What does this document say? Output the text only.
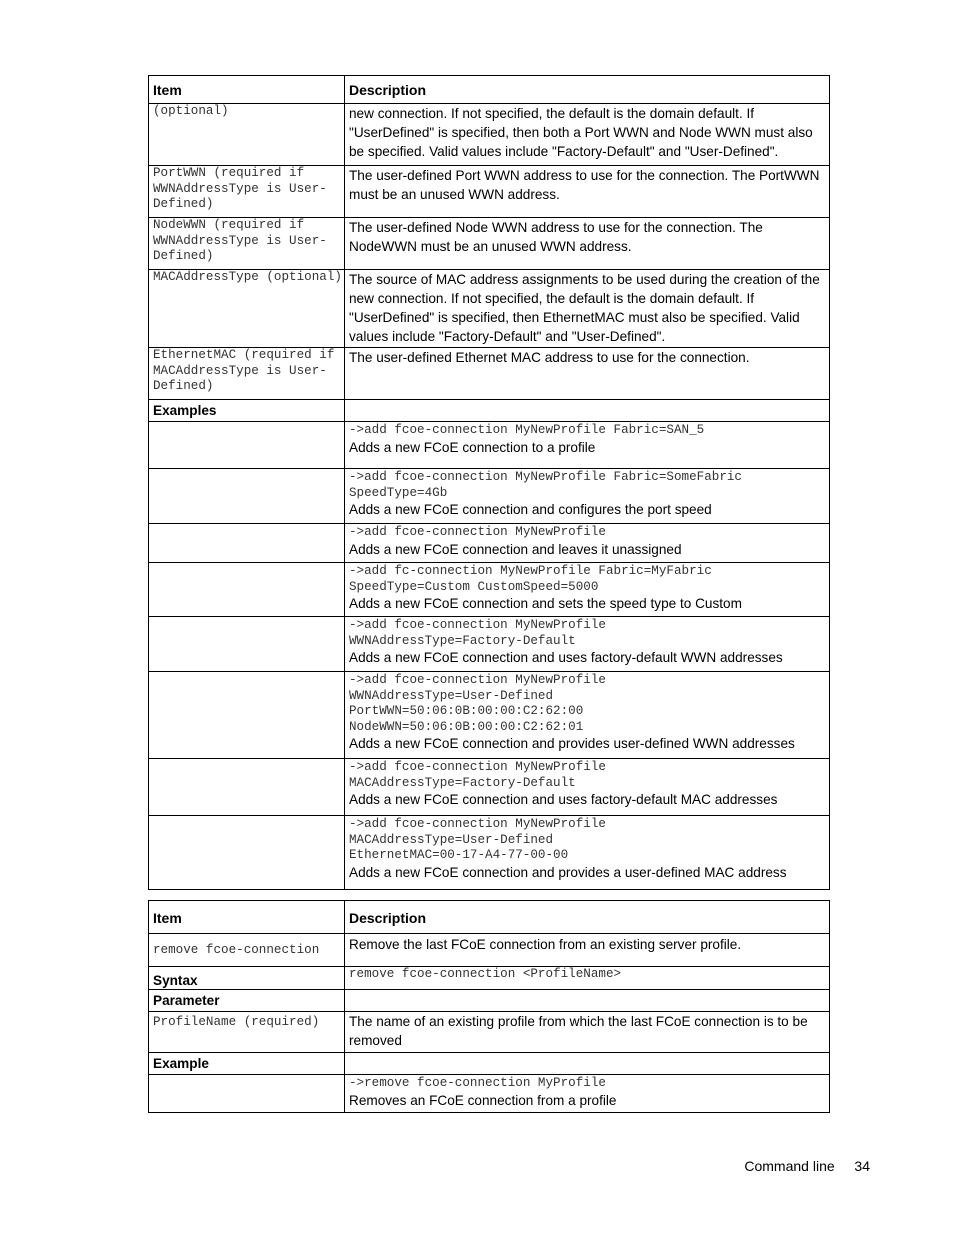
Item	Description
(optional)	new connection. If not specified, the default is the domain default. If "UserDefined" is specified, then both a Port WWN and Node WWN must also be specified. Valid values include "Factory-Default" and "User-Defined".
PortWWN (required if WWNAddressType is User-Defined)	The user-defined Port WWN address to use for the connection. The PortWWN must be an unused WWN address.
NodeWWN (required if WWNAddressType is User-Defined)	The user-defined Node WWN address to use for the connection. The NodeWWN must be an unused WWN address.
MACAddressType (optional)	The source of MAC address assignments to be used during the creation of the new connection. If not specified, the default is the domain default. If "UserDefined" is specified, then EthernetMAC must also be specified. Valid values include "Factory-Default" and "User-Defined".
EthernetMAC (required if MACAddressType is User-Defined)	The user-defined Ethernet MAC address to use for the connection.
Examples	

	->add fcoe-connection MyNewProfile Fabric=SAN_5
Adds a new FCoE connection to a profile

	->add fcoe-connection MyNewProfile Fabric=SomeFabric
SpeedType=4Gb
Adds a new FCoE connection and configures the port speed

	->add fcoe-connection MyNewProfile
Adds a new FCoE connection and leaves it unassigned

	->add fc-connection MyNewProfile Fabric=MyFabric
SpeedType=Custom CustomSpeed=5000
Adds a new FCoE connection and sets the speed type to Custom

	->add fcoe-connection MyNewProfile
WWNAddressType=Factory-Default
Adds a new FCoE connection and uses factory-default WWN addresses

	->add fcoe-connection MyNewProfile
WWNAddressType=User-Defined
PortWWN=50:06:0B:00:00:C2:62:00
NodeWWN=50:06:0B:00:00:C2:62:01
Adds a new FCoE connection and provides user-defined WWN addresses

	->add fcoe-connection MyNewProfile
MACAddressType=Factory-Default
Adds a new FCoE connection and uses factory-default MAC addresses

	->add fcoe-connection MyNewProfile
MACAddressType=User-Defined
EthernetMAC=00-17-A4-77-00-00
Adds a new FCoE connection and provides a user-defined MAC address
Item	Description
remove fcoe-connection	Remove the last FCoE connection from an existing server profile.
Syntax	remove fcoe-connection <ProfileName>
Parameter	
ProfileName (required)	The name of an existing profile from which the last FCoE connection is to be removed
Example	

	->remove fcoe-connection MyProfile
Removes an FCoE connection from a profile
Command line 34
